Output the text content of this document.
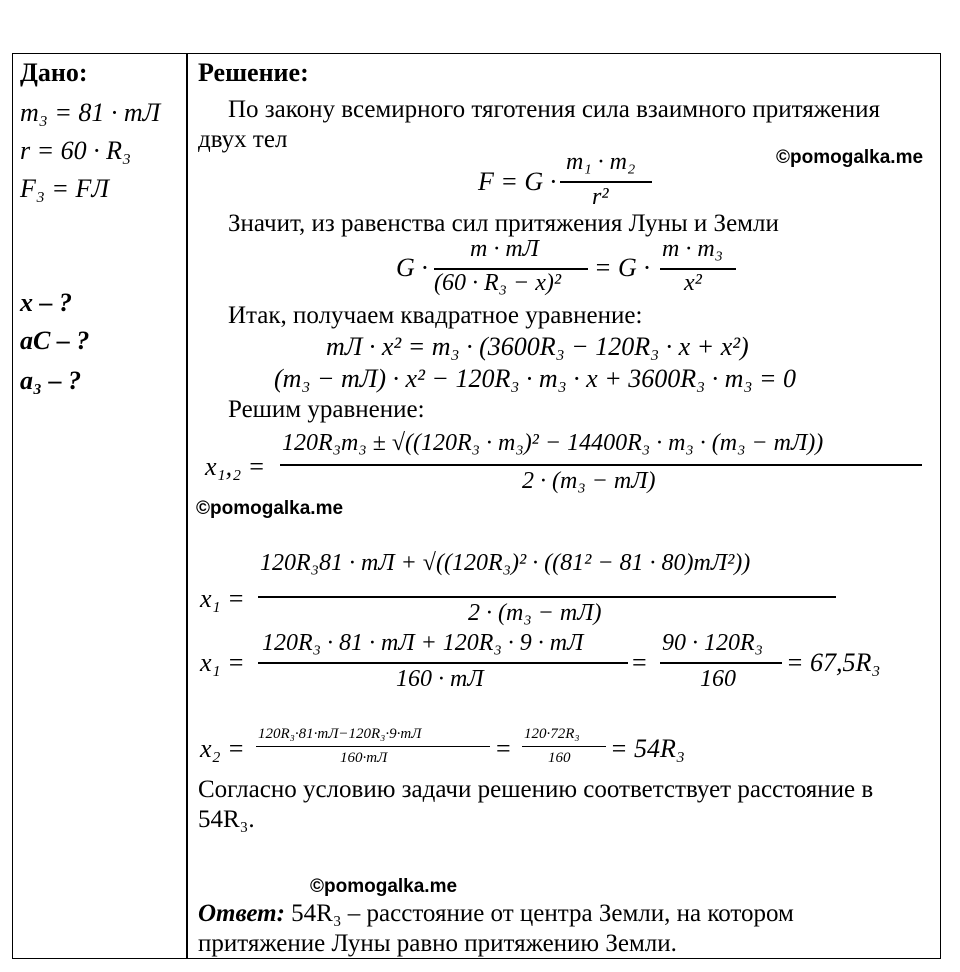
Дано:
m₃ = 81 · mЛ
r = 60 · R₃
F₃ = FЛ
x – ?
aС – ?
a₃ – ?
Решение:
По закону всемирного тяготения сила взаимного притяжения
двух тел
F = G ·
m₁ · m₂
r²
Значит, из равенства сил притяжения Луны и Земли
G ·
m · mЛ
(60 · R₃ − x)²
= G ·
m · m₃
x²
Итак, получаем квадратное уравнение:
mЛ · x² = m₃ · (3600R₃ − 120R₃ · x + x²)
(m₃ − mЛ) · x² − 120R₃ · m₃ · x + 3600R₃ · m₃ = 0
Решим уравнение:
x₁,₂ =
120R₃m₃ ± √((120R₃ · m₃)² − 14400R₃ · m₃ · (m₃ − mЛ))
2 · (m₃ − mЛ)
©pomogalka.me
©pomogalka.me
x₁ =
120R₃81 · mЛ + √((120R₃)² · ((81² − 81 · 80)mЛ²))
2 · (m₃ − mЛ)
x₁ =
120R₃ · 81 · mЛ + 120R₃ · 9 · mЛ
160 · mЛ
=
90 · 120R₃
160
= 67,5R₃
x₂ = 120R₃·81·mЛ−120R₃·9·mЛ
160·mЛ	= 120·72R₃
160 = 54R₃
Согласно условию задачи решению соответствует расстояние в
54R₃.
©pomogalka.me
Ответ: 54R₃ – расстояние от центра Земли, на котором
притяжение Луны равно притяжению Земли.
